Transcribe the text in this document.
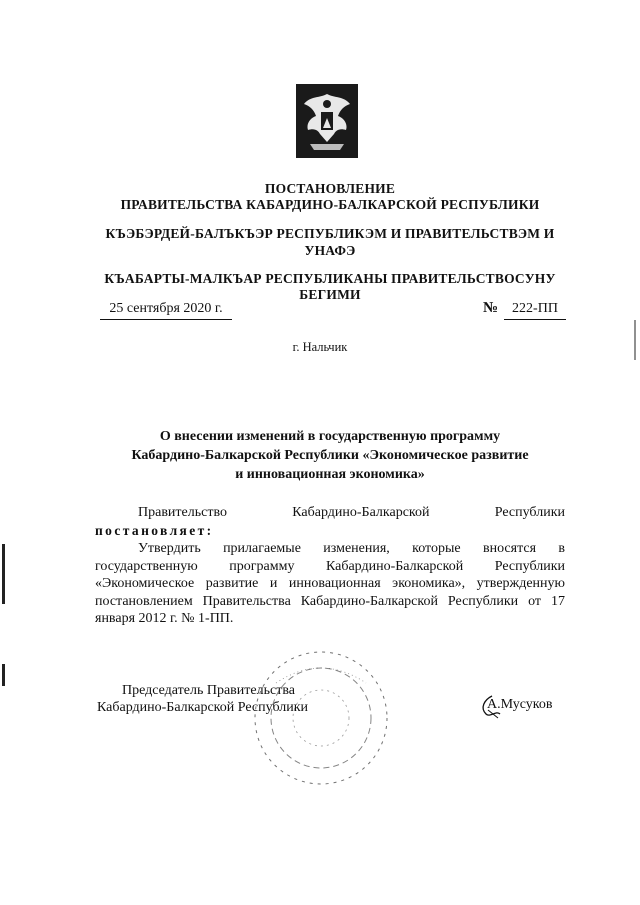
ПОСТАНОВЛЕНИЕ
ПРАВИТЕЛЬСТВА КАБАРДИНО-БАЛКАРСКОЙ РЕСПУБЛИКИ
КЪЭБЭРДЕЙ-БАЛЪКЪЭР РЕСПУБЛИКЭМ И ПРАВИТЕЛЬСТВЭМ И
УНАФЭ
КЪАБАРТЫ-МАЛКЪАР РЕСПУБЛИКАНЫ ПРАВИТЕЛЬСТВОСУНУ
БЕГИМИ
25 сентября 2020 г.	№ 222-ПП
г. Нальчик
О внесении изменений в государственную программу
Кабардино-Балкарской Республики «Экономическое развитие
и инновационная экономика»
Правительство	Кабардино-Балкарской	Республики
постановляет:
Утвердить прилагаемые изменения, которые вносятся в государственную программу Кабардино-Балкарской Республики «Экономическое развитие и инновационная экономика», утвержденную постановлением Правительства Кабардино-Балкарской Республики от 17 января 2012 г. № 1-ПП.
Председатель Правительства
Кабардино-Балкарской Республики	А.Мусуков
